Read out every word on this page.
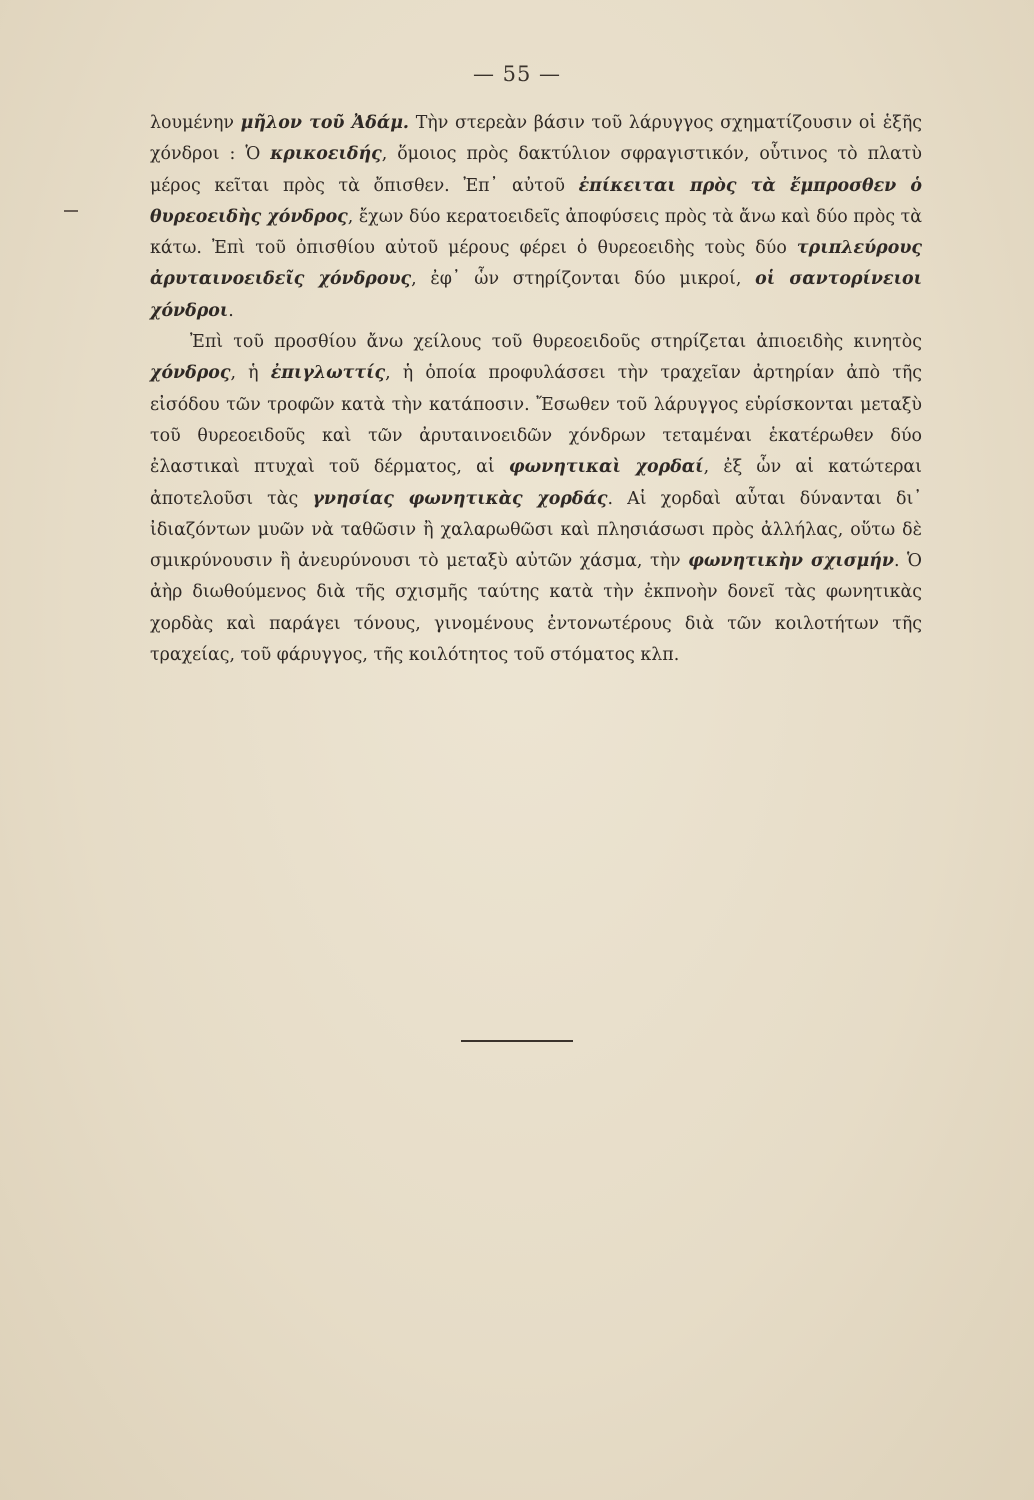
— 55 —

λουμένην μῆλον τοῦ Ἀδάμ. Τὴν στερεὰν βάσιν τοῦ λάρυγγος σχηματίζουσιν οἱ ἑξῆς χόνδροι : Ὁ κρικοειδής, ὅμοιος πρὸς δακτύλιον σφραγιστικόν, οὗτινος τὸ πλατὺ μέρος κεῖται πρὸς τὰ ὄπισθεν. Ἐπ᾽ αὐτοῦ ἐπίκειται πρὸς τὰ ἔμπροσθεν ὁ θυρεοειδὴς χόνδρος, ἔχων δύο κερατοειδεῖς ἀποφύσεις πρὸς τὰ ἄνω καὶ δύο πρὸς τὰ κάτω. Ἐπὶ τοῦ ὀπισθίου αὐτοῦ μέρους φέρει ὁ θυρεοειδὴς τοὺς δύο τριπλεύρους ἀρυταινοειδεῖς χόνδρους, ἐφ᾽ ὧν στηρίζονται δύο μικροί, οἱ σαντορίνειοι χόνδροι.

Ἐπὶ τοῦ προσθίου ἄνω χείλους τοῦ θυρεοειδοῦς στηρίζεται ἀπιοειδὴς κινητὸς χόνδρος, ἡ ἐπιγλωττίς, ἡ ὁποία προφυλάσσει τὴν τραχεῖαν ἀρτηρίαν ἀπὸ τῆς εἰσόδου τῶν τροφῶν κατὰ τὴν κατάποσιν. Ἔσωθεν τοῦ λάρυγγος εὑρίσκονται μεταξὺ τοῦ θυρεοειδοῦς καὶ τῶν ἀρυταινοειδῶν χόνδρων τεταμέναι ἑκατέρωθεν δύο ἐλαστικαὶ πτυχαὶ τοῦ δέρματος, αἱ φωνητικαὶ χορδαί, ἐξ ὧν αἱ κατώτεραι ἀποτελοῦσι τὰς γνησίας φωνητικὰς χορδάς. Αἱ χορδαὶ αὗται δύνανται δι᾽ ἰδιαζόντων μυῶν νὰ ταθῶσιν ἢ χαλαρωθῶσι καὶ πλησιάσωσι πρὸς ἀλλήλας, οὕτω δὲ σμικρύνουσιν ἢ ἀνευρύνουσι τὸ μεταξὺ αὐτῶν χάσμα, τὴν φωνητικὴν σχισμήν. Ὁ ἀὴρ διωθούμενος διὰ τῆς σχισμῆς ταύτης κατὰ τὴν ἐκπνοὴν δονεῖ τὰς φωνητικὰς χορδὰς καὶ παράγει τόνους, γινομένους ἐντονωτέρους διὰ τῶν κοιλοτήτων τῆς τραχείας, τοῦ φάρυγγος, τῆς κοιλότητος τοῦ στόματος κλπ.
